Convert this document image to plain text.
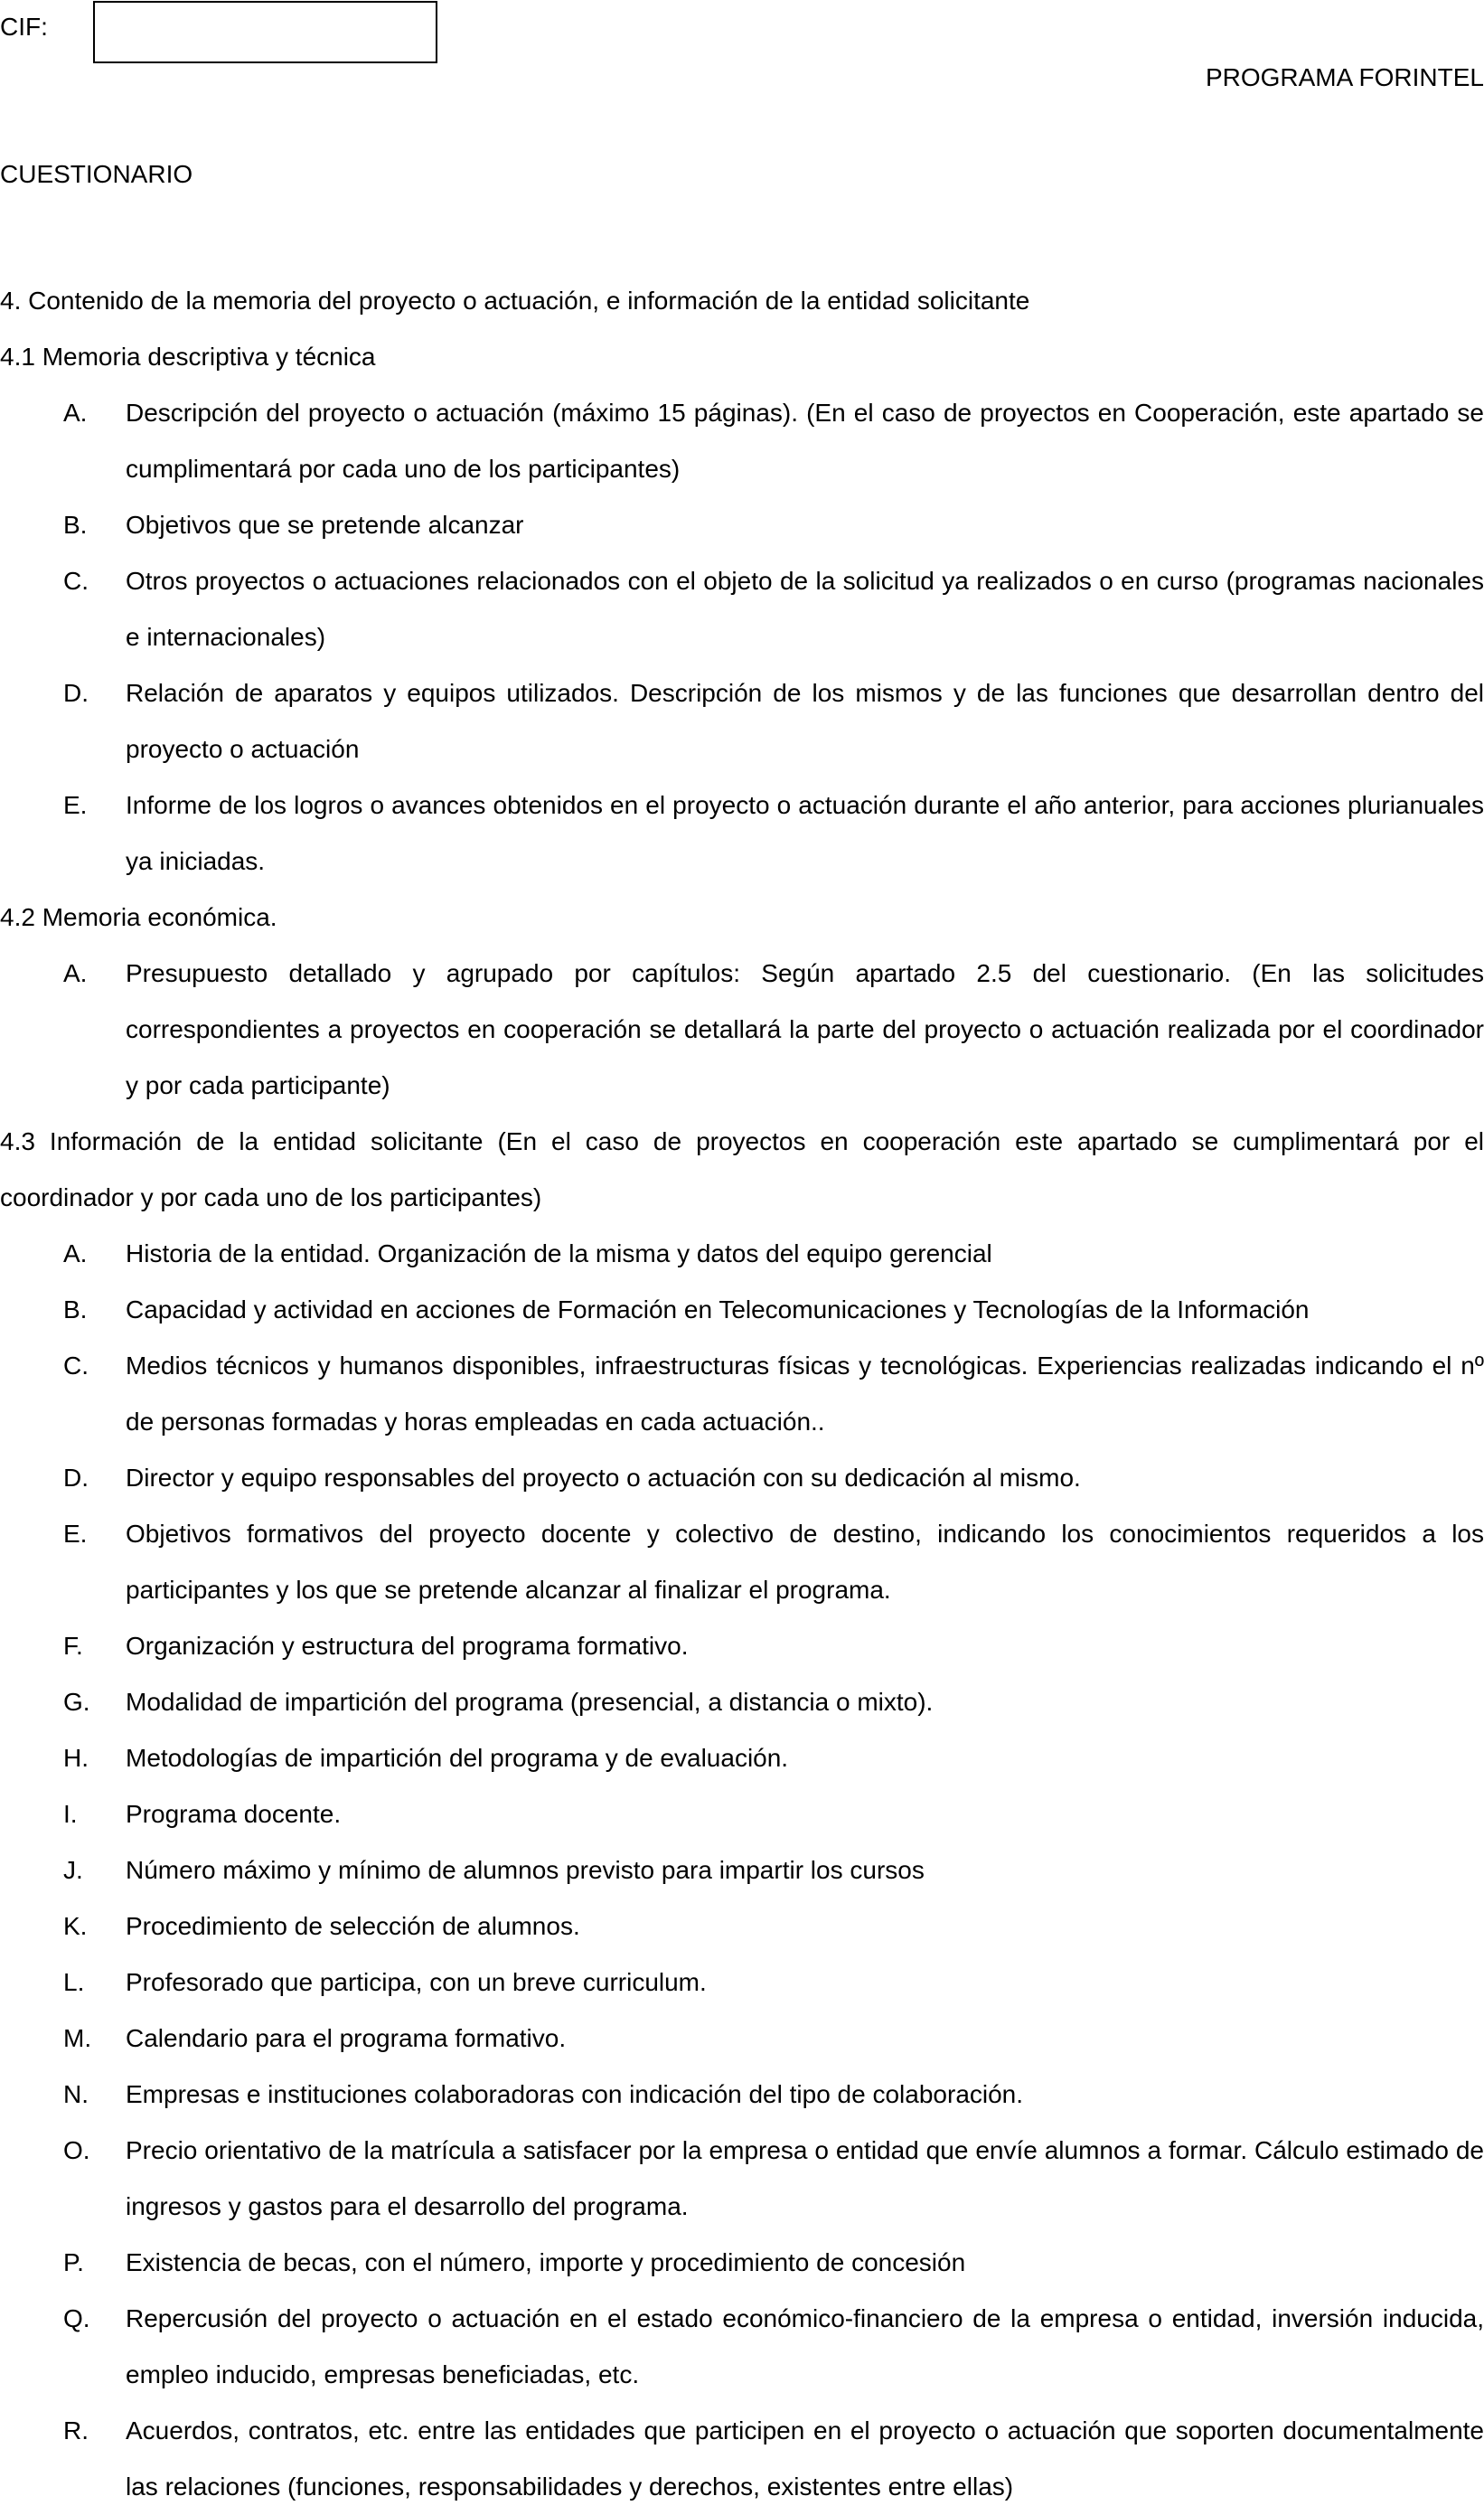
CIF:
PROGRAMA FORINTEL
CUESTIONARIO
4. Contenido de la memoria del proyecto o actuación, e información de la entidad solicitante
4.1 Memoria descriptiva y técnica
A. Descripción del proyecto o actuación (máximo 15 páginas). (En el caso de proyectos en Cooperación, este apartado se cumplimentará por cada uno de los participantes)
B. Objetivos que se pretende alcanzar
C. Otros proyectos o actuaciones relacionados con el objeto de la solicitud ya realizados o en curso (programas nacionales e internacionales)
D. Relación de aparatos y equipos utilizados. Descripción de los mismos y de las funciones que desarrollan dentro del proyecto o actuación
E. Informe de los logros o avances obtenidos en el proyecto o actuación durante el año anterior, para acciones plurianuales ya iniciadas.
4.2 Memoria económica.
A. Presupuesto detallado y agrupado por capítulos: Según apartado 2.5 del cuestionario. (En las solicitudes correspondientes a proyectos en cooperación se detallará la parte del proyecto o actuación realizada por el coordinador y por cada participante)
4.3 Información de la entidad solicitante (En el caso de proyectos en cooperación este apartado se cumplimentará por el coordinador y por cada uno de los participantes)
A. Historia de la entidad. Organización de la misma y datos del equipo gerencial
B. Capacidad y actividad en acciones de Formación en Telecomunicaciones y Tecnologías de la Información
C. Medios técnicos y humanos disponibles, infraestructuras físicas y tecnológicas. Experiencias realizadas indicando el nº de personas formadas y horas empleadas en cada actuación..
D. Director y equipo responsables del proyecto o actuación con su dedicación al mismo.
E. Objetivos formativos del proyecto docente y colectivo de destino, indicando los conocimientos requeridos a los participantes y los que se pretende alcanzar al finalizar el programa.
F. Organización y estructura del programa formativo.
G. Modalidad de impartición del programa (presencial, a distancia o mixto).
H. Metodologías de impartición del programa y de evaluación.
I. Programa docente.
J. Número máximo y mínimo de alumnos previsto para impartir los cursos
K. Procedimiento de selección de alumnos.
L. Profesorado que participa, con un breve curriculum.
M. Calendario para el programa formativo.
N. Empresas e instituciones colaboradoras con indicación del tipo de colaboración.
O. Precio orientativo de la matrícula a satisfacer por la empresa o entidad que envíe alumnos a formar. Cálculo estimado de ingresos y gastos para el desarrollo del programa.
P. Existencia de becas, con el número, importe y procedimiento de concesión
Q. Repercusión del proyecto o actuación en el estado económico-financiero de la empresa o entidad, inversión inducida, empleo inducido, empresas beneficiadas, etc.
R. Acuerdos, contratos, etc. entre las entidades que participen en el proyecto o actuación que soporten documentalmente las relaciones (funciones, responsabilidades y derechos, existentes entre ellas)
